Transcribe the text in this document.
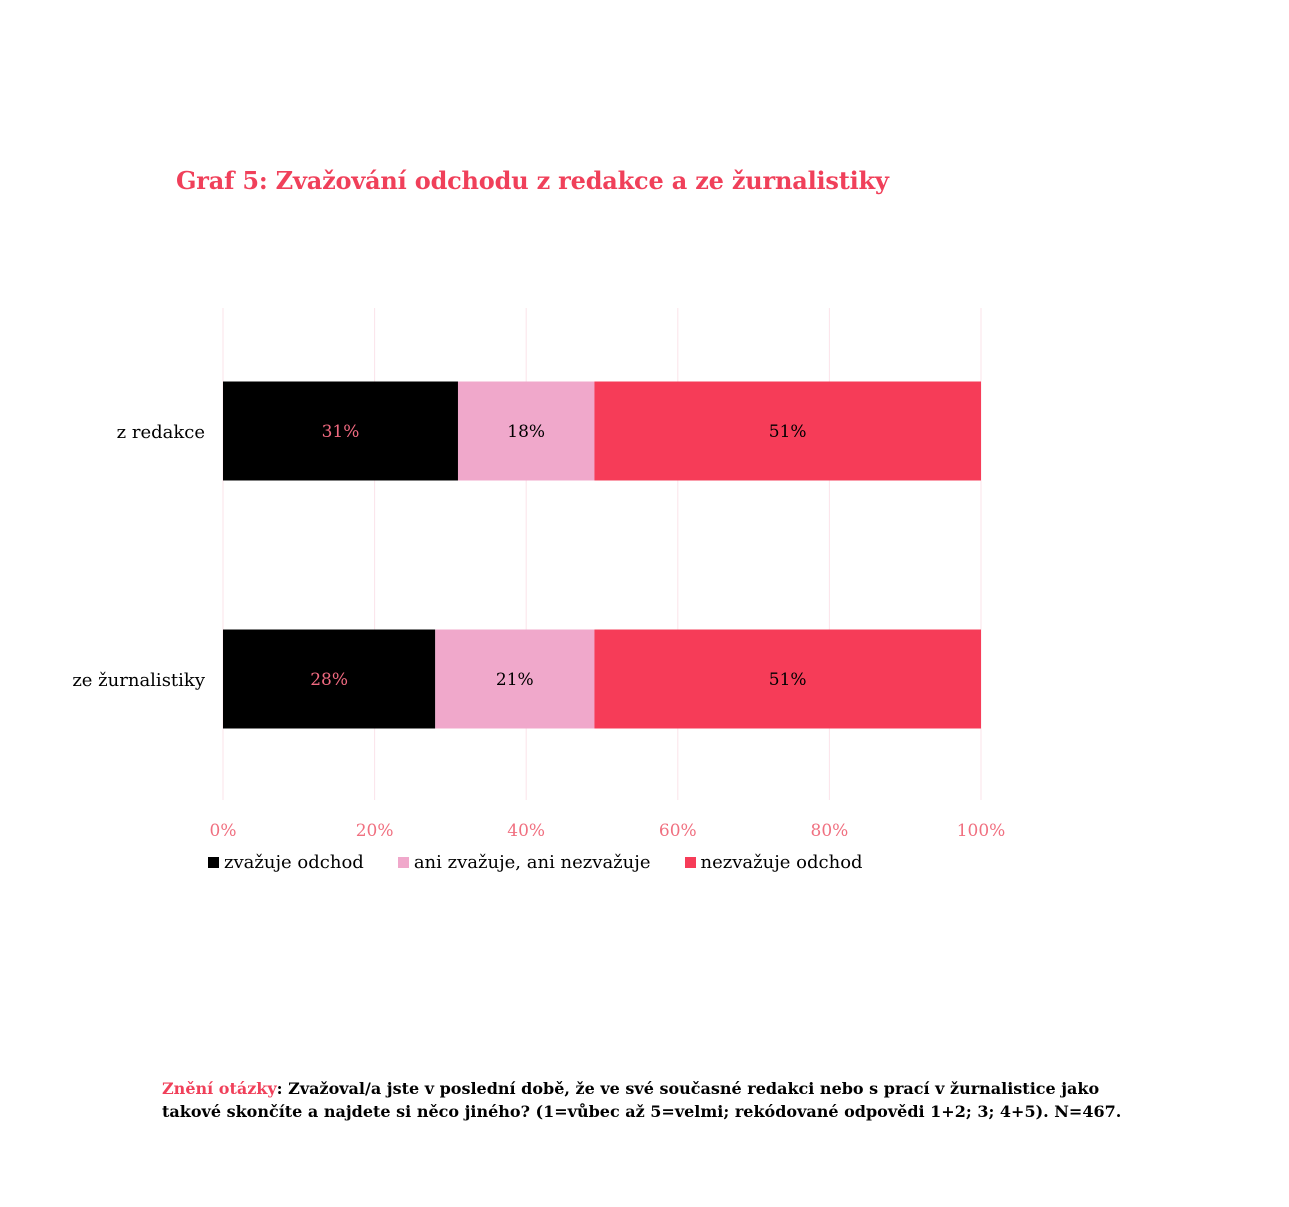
Graf 5: Zvažování odchodu z redakce a ze žurnalistiky
0%	20%	40%	60%	80%	100%
31%	18%	51%
z redakce
28%	21%	51%
ze žurnalistiky
zvažuje odchod	ani zvažuje, ani nezvažuje	nezvažuje odchod
Znění otázky: Zvažoval/a jste v poslední době, že ve své současné redakci nebo s prací v žurnalistice jako takové skončíte a najdete si něco jiného? (1=vůbec až 5=velmi; rekódované odpovědi 1+2; 3; 4+5). N=467.
